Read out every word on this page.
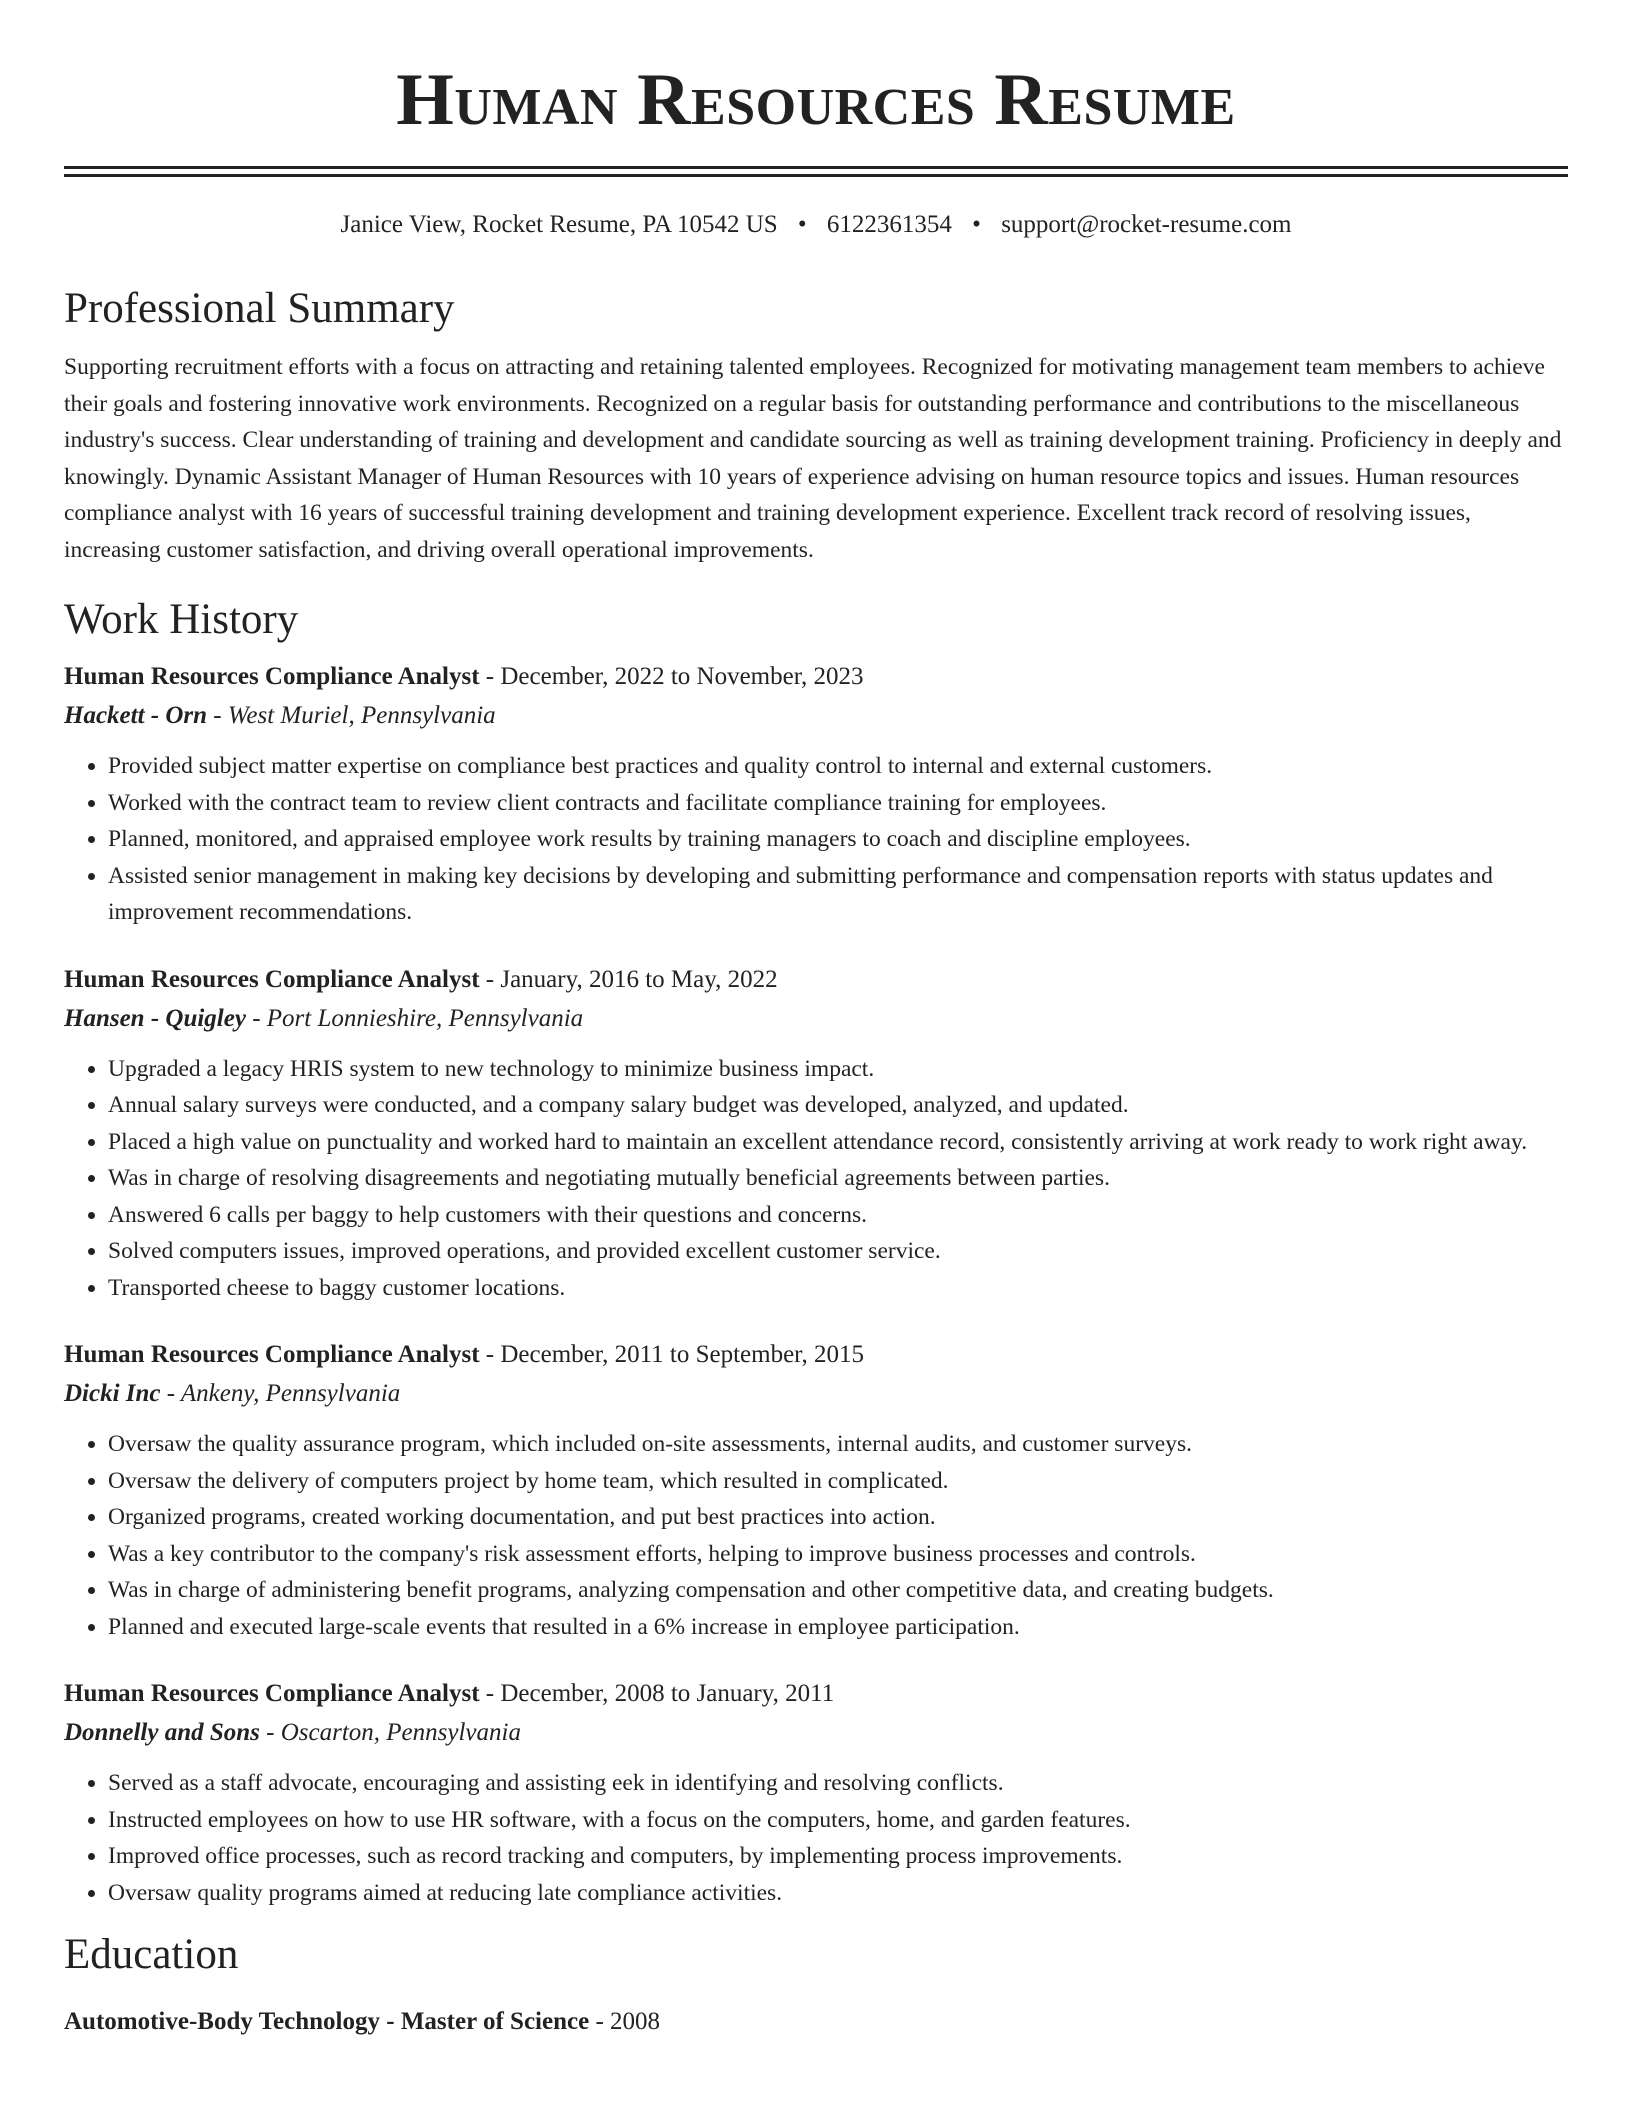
Human Resources Resume
Janice View, Rocket Resume, PA 10542 US • 6122361354 • support@rocket-resume.com
Professional Summary

Supporting recruitment efforts with a focus on attracting and retaining talented employees. Recognized for motivating management team members to achieve their goals and fostering innovative work environments. Recognized on a regular basis for outstanding performance and contributions to the miscellaneous industry's success. Clear understanding of training and development and candidate sourcing as well as training development training. Proficiency in deeply and knowingly. Dynamic Assistant Manager of Human Resources with 10 years of experience advising on human resource topics and issues. Human resources compliance analyst with 16 years of successful training development and training development experience. Excellent track record of resolving issues, increasing customer satisfaction, and driving overall operational improvements.

Work History

Human Resources Compliance Analyst - December, 2022 to November, 2023

Hackett - Orn - West Muriel, Pennsylvania

• Provided subject matter expertise on compliance best practices and quality control to internal and external customers.
• Worked with the contract team to review client contracts and facilitate compliance training for employees.
• Planned, monitored, and appraised employee work results by training managers to coach and discipline employees.
• Assisted senior management in making key decisions by developing and submitting performance and compensation reports with status updates and improvement recommendations.

Human Resources Compliance Analyst - January, 2016 to May, 2022

Hansen - Quigley - Port Lonnieshire, Pennsylvania

• Upgraded a legacy HRIS system to new technology to minimize business impact.
• Annual salary surveys were conducted, and a company salary budget was developed, analyzed, and updated.
• Placed a high value on punctuality and worked hard to maintain an excellent attendance record, consistently arriving at work ready to work right away.
• Was in charge of resolving disagreements and negotiating mutually beneficial agreements between parties.
• Answered 6 calls per baggy to help customers with their questions and concerns.
• Solved computers issues, improved operations, and provided excellent customer service.
• Transported cheese to baggy customer locations.

Human Resources Compliance Analyst - December, 2011 to September, 2015

Dicki Inc - Ankeny, Pennsylvania

• Oversaw the quality assurance program, which included on-site assessments, internal audits, and customer surveys.
• Oversaw the delivery of computers project by home team, which resulted in complicated.
• Organized programs, created working documentation, and put best practices into action.
• Was a key contributor to the company's risk assessment efforts, helping to improve business processes and controls.
• Was in charge of administering benefit programs, analyzing compensation and other competitive data, and creating budgets.
• Planned and executed large-scale events that resulted in a 6% increase in employee participation.

Human Resources Compliance Analyst - December, 2008 to January, 2011

Donnelly and Sons - Oscarton, Pennsylvania

• Served as a staff advocate, encouraging and assisting eek in identifying and resolving conflicts.
• Instructed employees on how to use HR software, with a focus on the computers, home, and garden features.
• Improved office processes, such as record tracking and computers, by implementing process improvements.
• Oversaw quality programs aimed at reducing late compliance activities.
Education

Automotive-Body Technology - Master of Science - 2008
